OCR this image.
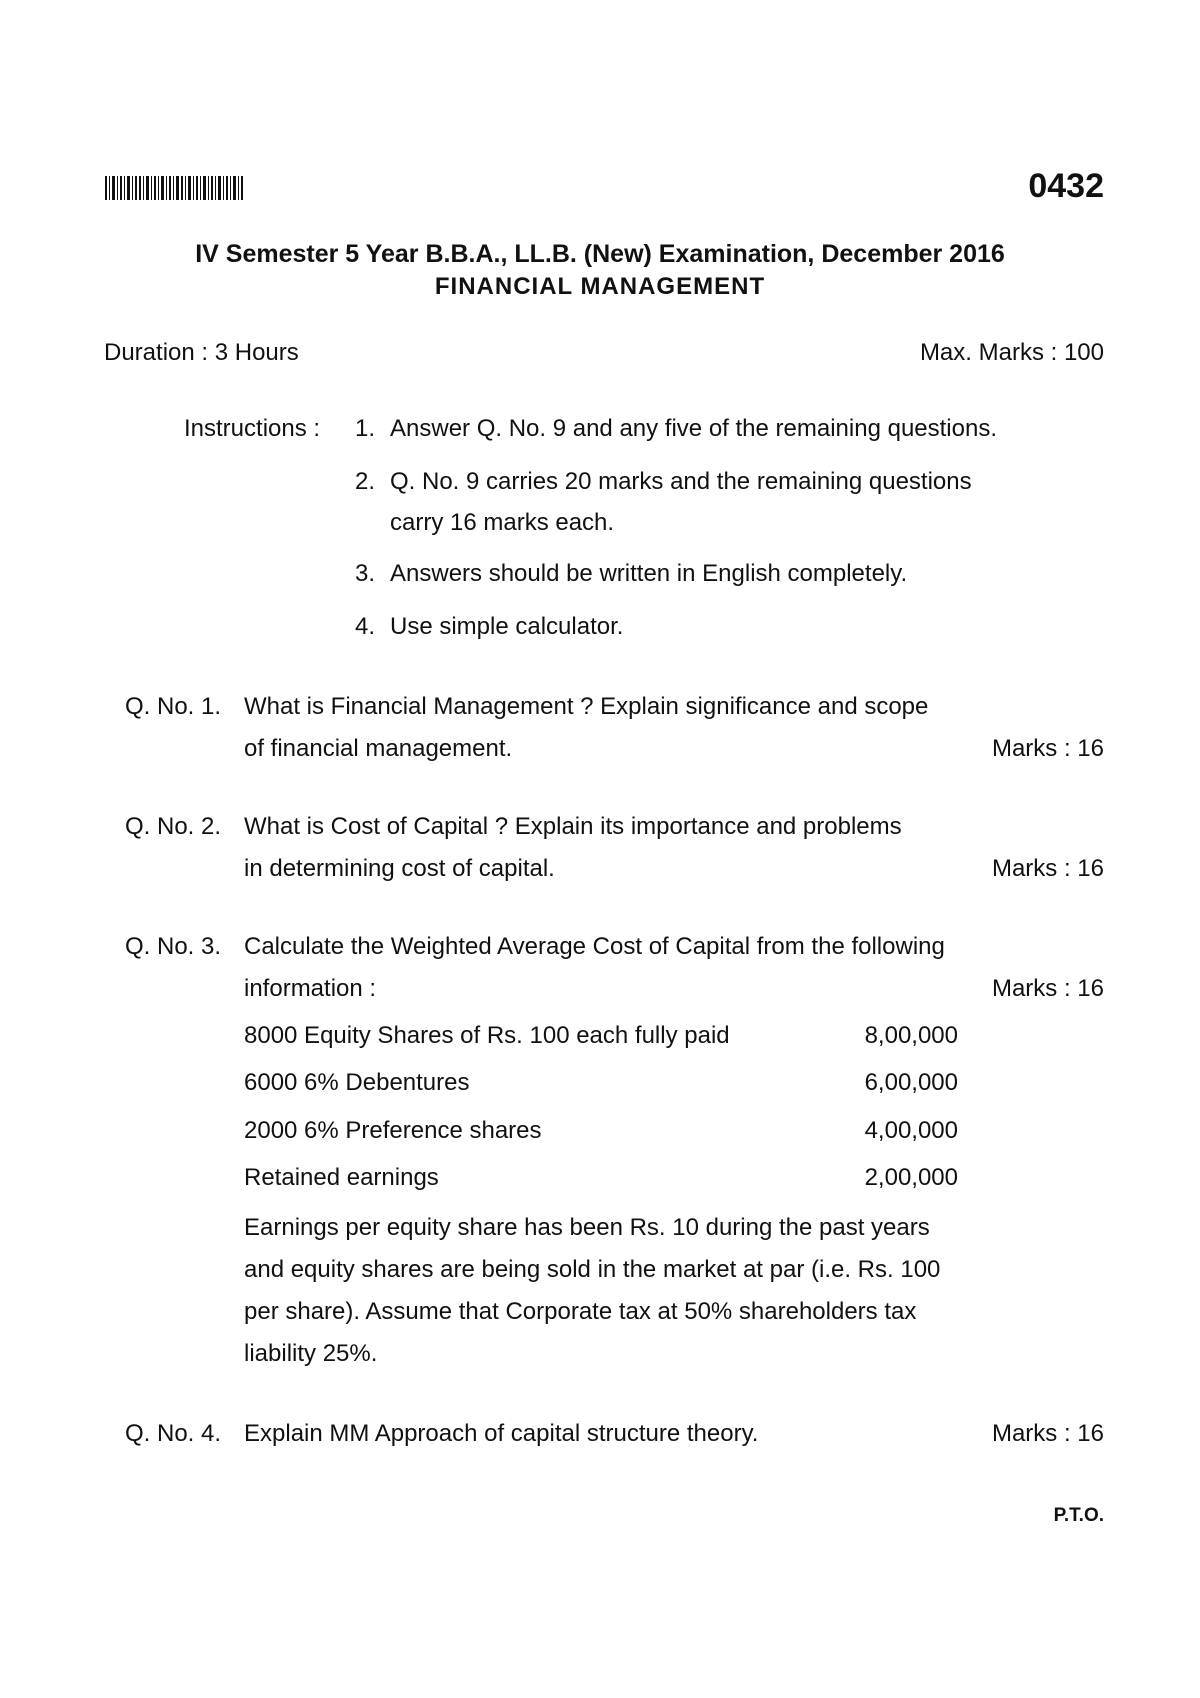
0432
IV Semester 5 Year B.B.A., LL.B. (New) Examination, December 2016
FINANCIAL MANAGEMENT
Duration : 3 Hours	Max. Marks : 100
Instructions : 1. Answer Q. No. 9 and any five of the remaining questions.
2. Q. No. 9 carries 20 marks and the remaining questions
carry 16 marks each.
3. Answers should be written in English completely.
4. Use simple calculator.
Q. No. 1. What is Financial Management ? Explain significance and scope
of financial management.	Marks : 16
Q. No. 2. What is Cost of Capital ? Explain its importance and problems
in determining cost of capital.	Marks : 16
Q. No. 3. Calculate the Weighted Average Cost of Capital from the following
information :	Marks : 16
8000 Equity Shares of Rs. 100 each fully paid	8,00,000
6000 6% Debentures	6,00,000
2000 6% Preference shares	4,00,000
Retained earnings	2,00,000
Earnings per equity share has been Rs. 10 during the past years
and equity shares are being sold in the market at par (i.e. Rs. 100
per share). Assume that Corporate tax at 50% shareholders tax
liability 25%.
Q. No. 4. Explain MM Approach of capital structure theory.	Marks : 16
P.T.O.
